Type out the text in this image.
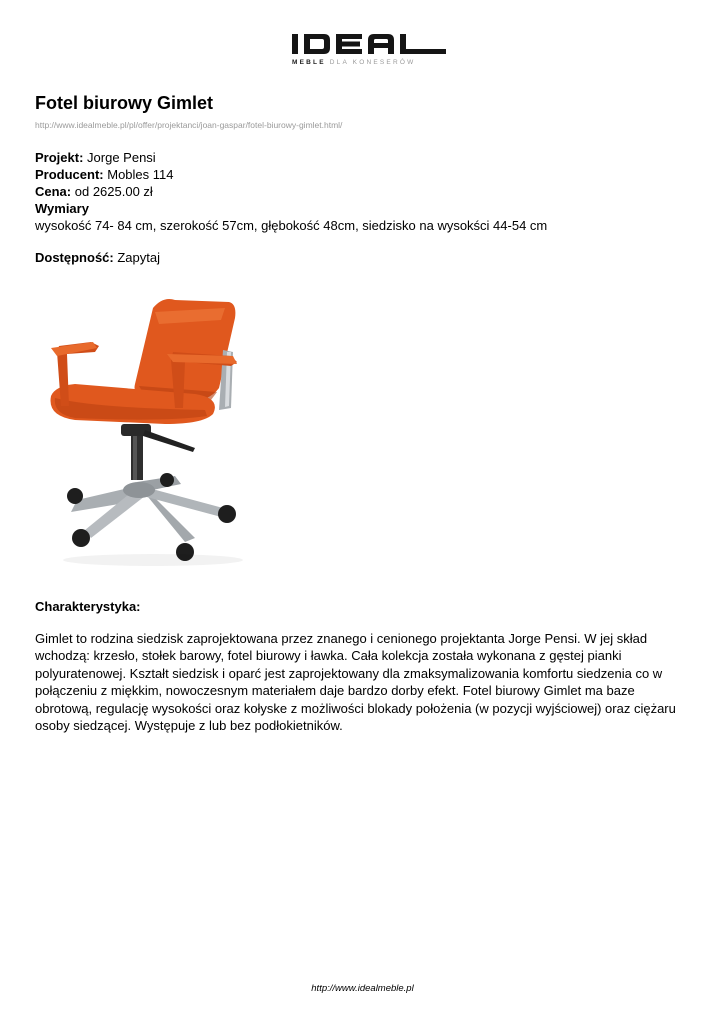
MEBLE DLA KONESERÓW
Fotel biurowy Gimlet
http://www.idealmeble.pl/pl/offer/projektanci/joan-gaspar/fotel-biurowy-gimlet.html/
Projekt: Jorge Pensi
Producent: Mobles 114
Cena: od 2625.00 zł
Wymiary
wysokość 74- 84 cm, szerokość 57cm, głębokość 48cm, siedzisko na wysokści 44-54 cm
Dostępność: Zapytaj
Charakterystyka:

Gimlet to rodzina siedzisk zaprojektowana przez znanego i cenionego projektanta Jorge Pensi. W jej skład wchodzą: krzesło, stołek barowy, fotel biurowy i ławka. Cała kolekcja została wykonana z gęstej pianki polyuratenowej. Kształt siedzisk i oparć jest zaprojektowany dla zmaksymalizowania komfortu siedzenia co w połączeniu z miękkim, nowoczesnym materiałem daje bardzo dorby efekt. Fotel biurowy Gimlet ma baze obrotową, regulację wysokości oraz kołyske z możliwości blokady położenia (w pozycji wyjściowej) oraz ciężaru osoby siedzącej. Występuje z lub bez podłokietników.

http://www.idealmeble.pl
